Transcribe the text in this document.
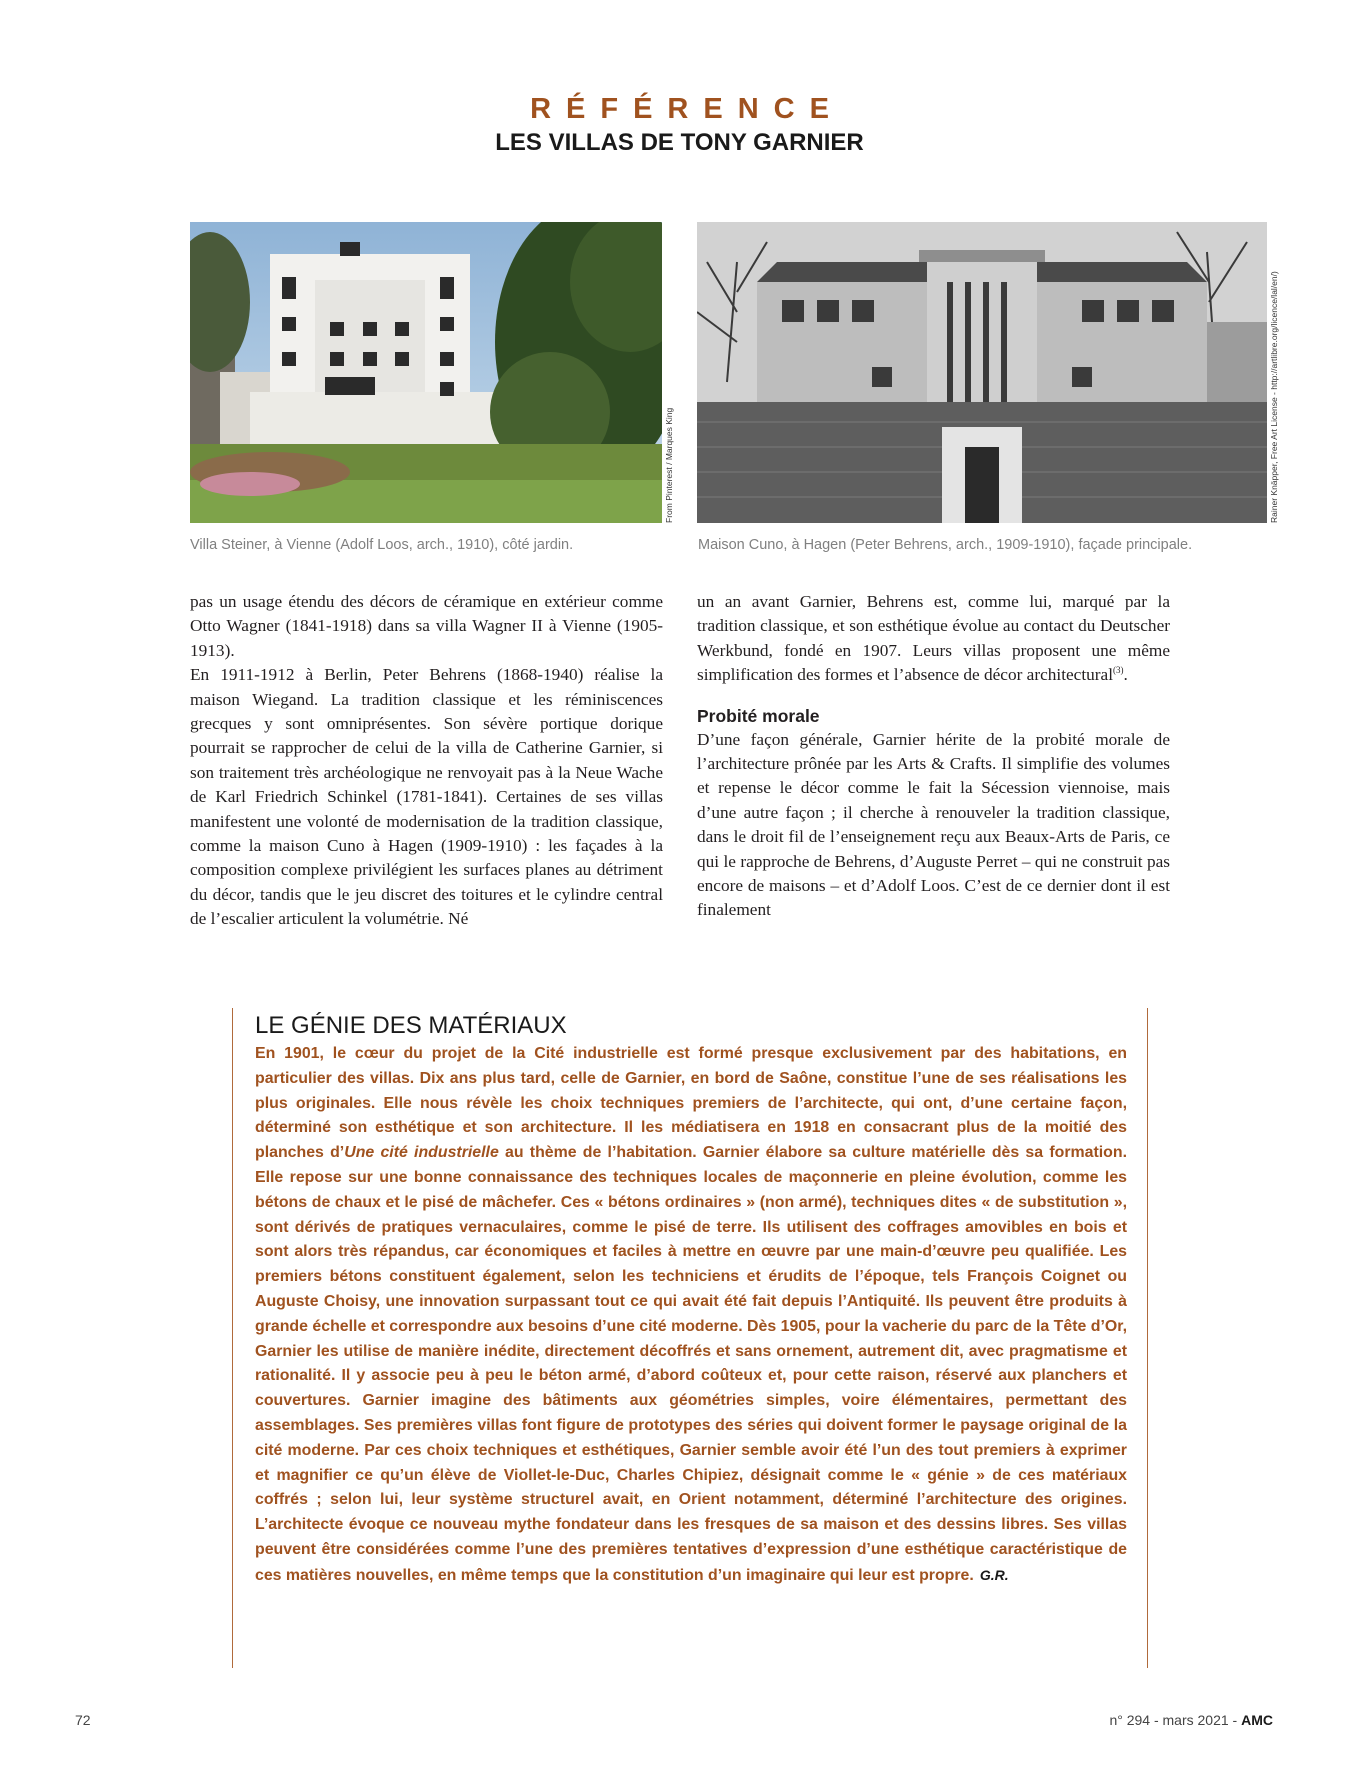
RÉFÉRENCE
LES VILLAS DE TONY GARNIER
From Pinterest / Marques King
Villa Steiner, à Vienne (Adolf Loos, arch., 1910), côté jardin.
Rainer Knäpper, Free Art License - http://artlibre.org/licence/lal/en/)
Maison Cuno, à Hagen (Peter Behrens, arch., 1909-1910), façade principale.

pas un usage étendu des décors de céramique en extérieur comme Otto Wagner (1841-1918) dans sa villa Wagner II à Vienne (1905-1913).

En 1911-1912 à Berlin, Peter Behrens (1868-1940) réalise la maison Wiegand. La tradition classique et les réminiscences grecques y sont omniprésentes. Son sévère portique dorique pourrait se rapprocher de celui de la villa de Catherine Garnier, si son traitement très archéologique ne renvoyait pas à la Neue Wache de Karl Friedrich Schinkel (1781-1841). Certaines de ses villas manifestent une volonté de modernisation de la tradition classique, comme la maison Cuno à Hagen (1909-1910) : les façades à la composition complexe privilégient les surfaces planes au détriment du décor, tandis que le jeu discret des toitures et le cylindre central de l’escalier articulent la volumétrie. Né

un an avant Garnier, Behrens est, comme lui, marqué par la tradition classique, et son esthétique évolue au contact du Deutscher Werkbund, fondé en 1907. Leurs villas proposent une même simplification des formes et l’absence de décor architectural$^{(3)}$.

Probité morale

D’une façon générale, Garnier hérite de la probité morale de l’architecture prônée par les Arts & Crafts. Il simplifie des volumes et repense le décor comme le fait la Sécession viennoise, mais d’une autre façon ; il cherche à renouveler la tradition classique, dans le droit fil de l’enseignement reçu aux Beaux-Arts de Paris, ce qui le rapproche de Behrens, d’Auguste Perret – qui ne construit pas encore de maisons – et d’Adolf Loos. C’est de ce dernier dont il est finalement

LE GÉNIE DES MATÉRIAUX
En 1901, le cœur du projet de la Cité industrielle est formé presque exclusivement par des habitations, en particulier des villas. Dix ans plus tard, celle de Garnier, en bord de Saône, constitue l’une de ses réalisations les plus originales. Elle nous révèle les choix techniques premiers de l’architecte, qui ont, d’une certaine façon, déterminé son esthétique et son architecture. Il les médiatisera en 1918 en consacrant plus de la moitié des planches d’Une cité industrielle au thème de l’habitation. Garnier élabore sa culture matérielle dès sa formation. Elle repose sur une bonne connaissance des techniques locales de maçonnerie en pleine évolution, comme les bétons de chaux et le pisé de mâchefer. Ces « bétons ordinaires » (non armé), techniques dites « de substitution », sont dérivés de pratiques vernaculaires, comme le pisé de terre. Ils utilisent des coffrages amovibles en bois et sont alors très répandus, car économiques et faciles à mettre en œuvre par une main-d’œuvre peu qualifiée. Les premiers bétons constituent également, selon les techniciens et érudits de l’époque, tels François Coignet ou Auguste Choisy, une innovation surpassant tout ce qui avait été fait depuis l’Antiquité. Ils peuvent être produits à grande échelle et correspondre aux besoins d’une cité moderne. Dès 1905, pour la vacherie du parc de la Tête d’Or, Garnier les utilise de manière inédite, directement décoffrés et sans ornement, autrement dit, avec pragmatisme et rationalité. Il y associe peu à peu le béton armé, d’abord coûteux et, pour cette raison, réservé aux planchers et couvertures. Garnier imagine des bâtiments aux géométries simples, voire élémentaires, permettant des assemblages. Ses premières villas font figure de prototypes des séries qui doivent former le paysage original de la cité moderne. Par ces choix techniques et esthétiques, Garnier semble avoir été l’un des tout premiers à exprimer et magnifier ce qu’un élève de Viollet-le-Duc, Charles Chipiez, désignait comme le « génie » de ces matériaux coffrés ; selon lui, leur système structurel avait, en Orient notamment, déterminé l’architecture des origines. L’architecte évoque ce nouveau mythe fondateur dans les fresques de sa maison et des dessins libres. Ses villas peuvent être considérées comme l’une des premières tentatives d’expression d’une esthétique caractéristique de ces matières nouvelles, en même temps que la constitution d’un imaginaire qui leur est propre. G.R.
72	n° 294 - mars 2021 - AMC
